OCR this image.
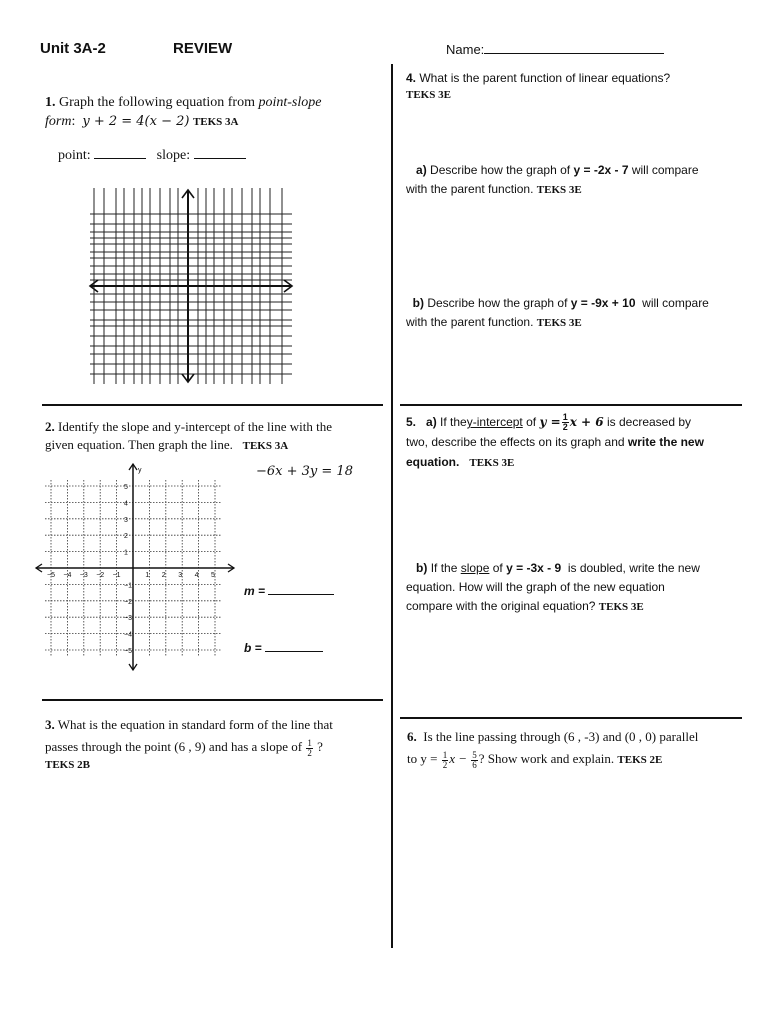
Unit 3A-2	REVIEW	Name:
1. Graph the following equation from point-slope
form:  y + 2 = 4(x − 2) TEKS 3A
point:	slope:
2. Identify the slope and y-intercept of the line with the
given equation. Then graph the line. TEKS 3A
−6x + 3y = 18
y
−5 −4 −3 −2 −1	1 2 3 4 5
5
4
3
2
1
−1
−2
−3
−4
−5
m =
b =
3. What is the equation in standard form of the line that
passes through the point (6 , 9) and has a slope of $\frac{1}{2}$ ?

TEKS 2B
4. What is the parent function of linear equations?
TEKS 3E
a) Describe how the graph of y = -2x - 7 will compare
with the parent function. TEKS 3E
b) Describe how the graph of y = -9x + 10 will compare
with the parent function. TEKS 3E
5. a) If they-intercept of $y = \frac{1}{2}$ x + 6 is decreased by
two, describe the effects on its graph and write the new
equation. TEKS 3E
b) If the slope of y = -3x - 9 is doubled, write the new
equation. How will the graph of the new equation
compare with the original equation? TEKS 3E
6. Is the line passing through (6 , -3) and (0 , 0) parallel
to $y = \frac{1}{2}$ $x - \frac{5}{6}$ ? Show work and explain. TEKS 2E
